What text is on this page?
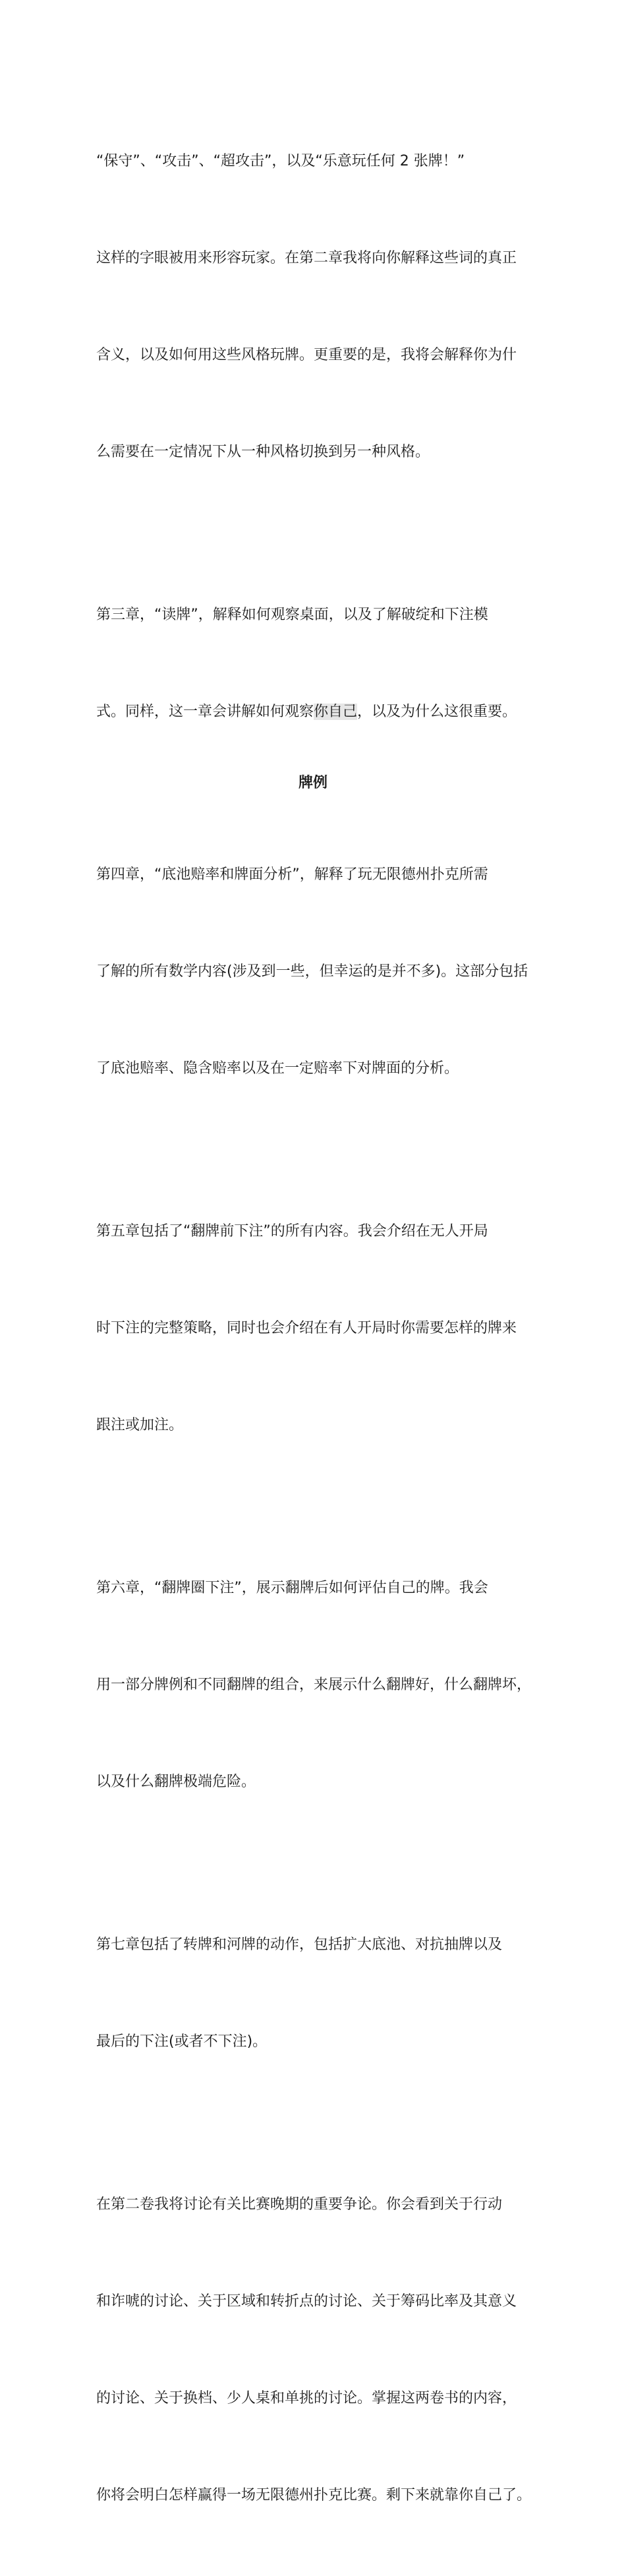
“保守”、“攻击”、“超攻击”，以及“乐意玩任何 2 张牌！”

这样的字眼被用来形容玩家。在第二章我将向你解释这些词的真正

含义，以及如何用这些风格玩牌。更重要的是，我将会解释你为什

么需要在一定情况下从一种风格切换到另一种风格。

第三章，“读牌”，解释如何观察桌面，以及了解破绽和下注模

式。同样，这一章会讲解如何观察你自己，以及为什么这很重要。

第四章，“底池赔率和牌面分析”，解释了玩无限德州扑克所需

了解的所有数学内容(涉及到一些，但幸运的是并不多)。这部分包括

了底池赔率、隐含赔率以及在一定赔率下对牌面的分析。

第五章包括了“翻牌前下注”的所有内容。我会介绍在无人开局

时下注的完整策略，同时也会介绍在有人开局时你需要怎样的牌来

跟注或加注。

第六章，“翻牌圈下注”，展示翻牌后如何评估自己的牌。我会

用一部分牌例和不同翻牌的组合，来展示什么翻牌好，什么翻牌坏，

以及什么翻牌极端危险。

第七章包括了转牌和河牌的动作，包括扩大底池、对抗抽牌以及

最后的下注(或者不下注)。

在第二卷我将讨论有关比赛晚期的重要争论。你会看到关于行动

和诈唬的讨论、关于区域和转折点的讨论、关于筹码比率及其意义

的讨论、关于换档、少人桌和单挑的讨论。掌握这两卷书的内容，

你将会明白怎样赢得一场无限德州扑克比赛。剩下来就靠你自己了。

牌例
